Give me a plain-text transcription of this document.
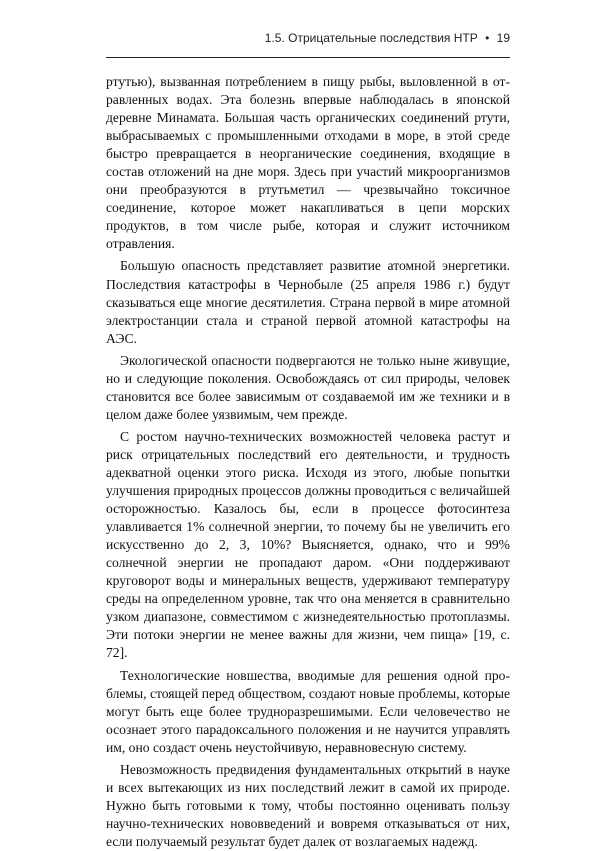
1.5. Отрицательные последствия НТР • 19

ртутью), вызванная потреблением в пищу рыбы, выловленной в отравленных водах. Эта болезнь впервые наблюдалась в японской деревне Минамата. Большая часть органических соединений ртути, выбрасываемых с промышленными отходами в море, в этой среде быстро превращается в неорганические соединения, входящие в состав отложений на дне моря. Здесь при участий микроорганизмов они преобразуются в ртутьметил — чрезвычайно токсичное соединение, которое может накапливаться в цепи морских продуктов, в том числе рыбе, которая и служит источником отравления.

Большую опасность представляет развитие атомной энергетики. Последствия катастрофы в Чернобыле (25 апреля 1986 г.) будут сказываться еще многие десятилетия. Страна первой в мире атомной электростанции стала и страной первой атомной катастрофы на АЭС.

Экологической опасности подвергаются не только ныне живущие, но и следующие поколения. Освобождаясь от сил природы, человек становится все более зависимым от создаваемой им же техники и в целом даже более уязвимым, чем прежде.

С ростом научно-технических возможностей человека растут и риск отрицательных последствий его деятельности, и трудность адекватной оценки этого риска. Исходя из этого, любые попытки улучшения природных процессов должны проводиться с величайшей осторожностью. Казалось бы, если в процессе фотосинтеза улавливается 1% солнечной энергии, то почему бы не увеличить его искусственно до 2, 3, 10%? Выясняется, однако, что и 99% солнечной энергии не пропадают даром. «Они поддерживают круговорот воды и минеральных веществ, удерживают температуру среды на определенном уровне, так что она меняется в сравнительно узком диапазоне, совместимом с жизнедеятельностью протоплазмы. Эти потоки энергии не менее важны для жизни, чем пища» [19, с. 72].

Технологические новшества, вводимые для решения одной проблемы, стоящей перед обществом, создают новые проблемы, которые могут быть еще более трудноразрешимыми. Если человечество не осознает этого парадоксального положения и не научится управлять им, оно создаст очень неустойчивую, неравновесную систему.

Невозможность предвидения фундаментальных открытий в науке и всех вытекающих из них последствий лежит в самой их природе. Нужно быть готовыми к тому, чтобы постоянно оценивать пользу научно-технических нововведений и вовремя отказываться от них, если получаемый результат будет далек от возлагаемых надежд.
